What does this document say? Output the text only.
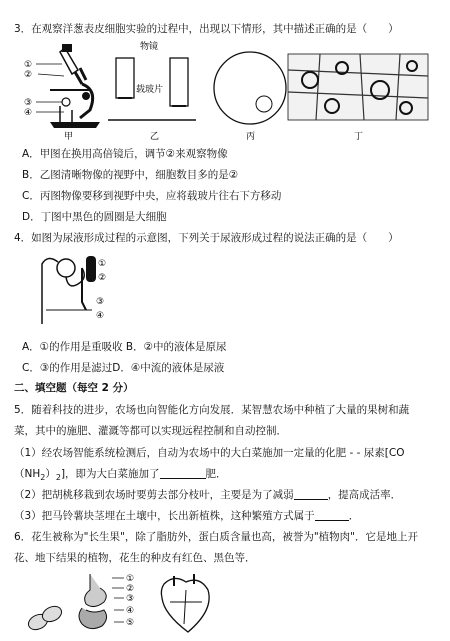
3．在观察洋葱表皮细胞实验的过程中，出现以下情形，其中描述正确的是（　　）
①
②
③
④
甲
物镜
载玻片
乙	丙	丁
A．甲图在换用高倍镜后，调节②来观察物像
B．乙图清晰物像的视野中，细胞数目多的是②
C．丙图物像要移到视野中央，应将载玻片往右下方移动
D．丁图中黑色的圆圈是大细胞
4．如图为尿液形成过程的示意图，下列关于尿液形成过程的说法正确的是（　　）
①
②
③
④
A．①的作用是重吸收 B．②中的液体是原尿
C．③的作用是滤过D．④中流的液体是尿液
二、填空题（每空 2 分）
5．随着科技的进步，农场也向智能化方向发展．某智慧农场中种植了大量的果树和蔬
菜，其中的施肥、灌溉等都可以实现远程控制和自动控制．
（1）经农场智能系统检测后，自动为农场中的大白菜施加一定量的化肥 - - 尿素[CO
$(NH_2)_2$]，即为大白菜施加了	肥．
（2）把胡桃移栽到农场时要剪去部分枝叶，主要是为了减弱	，提高成活率．
（3）把马铃薯块茎埋在土壤中，长出新植株，这种繁殖方式属于	．
6．花生被称为"长生果"，除了脂肪外，蛋白质含量也高，被誉为"植物肉"．它是地上开
花、地下结果的植物，花生的种皮有红色、黑色等．
①
②
③
④
⑤
